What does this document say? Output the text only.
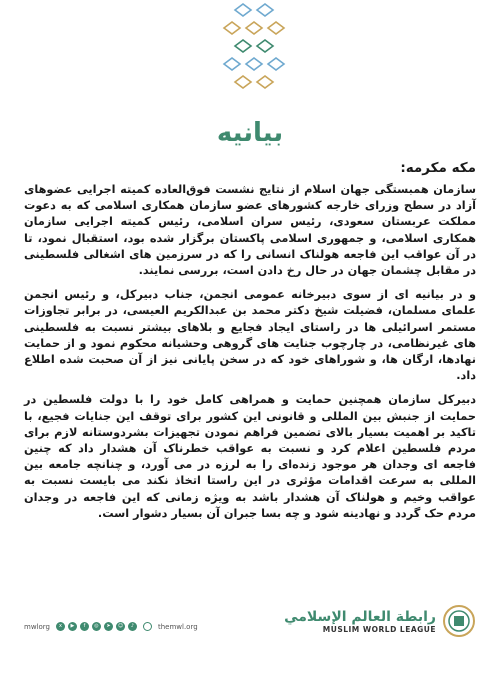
بیانیه

مکه مکرمه:

سازمان همبستگی جهان اسلام از نتایج نشست فوق‌العاده کمیته اجرایی عضوهای آزاد در سطح وزرای خارجه کشورهای عضو سازمان همکاری اسلامی که به دعوت مملکت عربستان سعودی، رئیس سران اسلامی، رئیس کمیته اجرایی سازمان همکاری اسلامی، و جمهوری اسلامی پاکستان برگزار شده بود، استقبال نمود، تا در آن عواقب این فاجعه هولناک انسانی را که در سرزمین های اشغالی فلسطینی در مقابل چشمان جهان در حال رخ دادن است، بررسی نمایند.

و در بیانیه ای از سوی دبیرخانه عمومی انجمن، جناب دبیرکل، و رئیس انجمن علمای مسلمان، فضیلت شیخ دکتر محمد بن عبدالکریم العیسی، در برابر تجاوزات مستمر اسرائیلی ها در راستای ایجاد فجایع و بلاهای بیشتر نسبت به فلسطینی های غیرنظامی، در چارچوب جنایت های گروهی وحشیانه محکوم نمود و از حمایت نهادها، ارگان ها، و شوراهای خود که در سخن پایانی نیز از آن صحبت شده اطلاع داد.

دبیرکل سازمان همچنین حمایت و همراهی کامل خود را با دولت فلسطین در حمایت از جنبش بین المللی و قانونی این کشور برای توقف این جنایات فجیع، با تاکید بر اهمیت بسیار بالای تضمین فراهم نمودن تجهیزات بشردوستانه لازم برای مردم فلسطین اعلام کرد و نسبت به عواقب خطرناک آن هشدار داد که چنین فاجعه ای وجدان هر موجود زنده‌ای را به لرزه در می آورد، و چنانچه جامعه بین المللی به سرعت اقدامات مؤثری در این راستا اتخاذ نکند می بایست نسبت به عواقب وخیم و هولناک آن هشدار باشد به ویژه زمانی که این فاجعه در وجدان مردم حک گردد و نهادینه شود و چه بسا جبران آن بسیار دشوار است.

mwlorg	x	▶	f	◎	➤	☺	♪	themwl.org
رابطة العالم الإسلامي
MUSLIM WORLD LEAGUE
